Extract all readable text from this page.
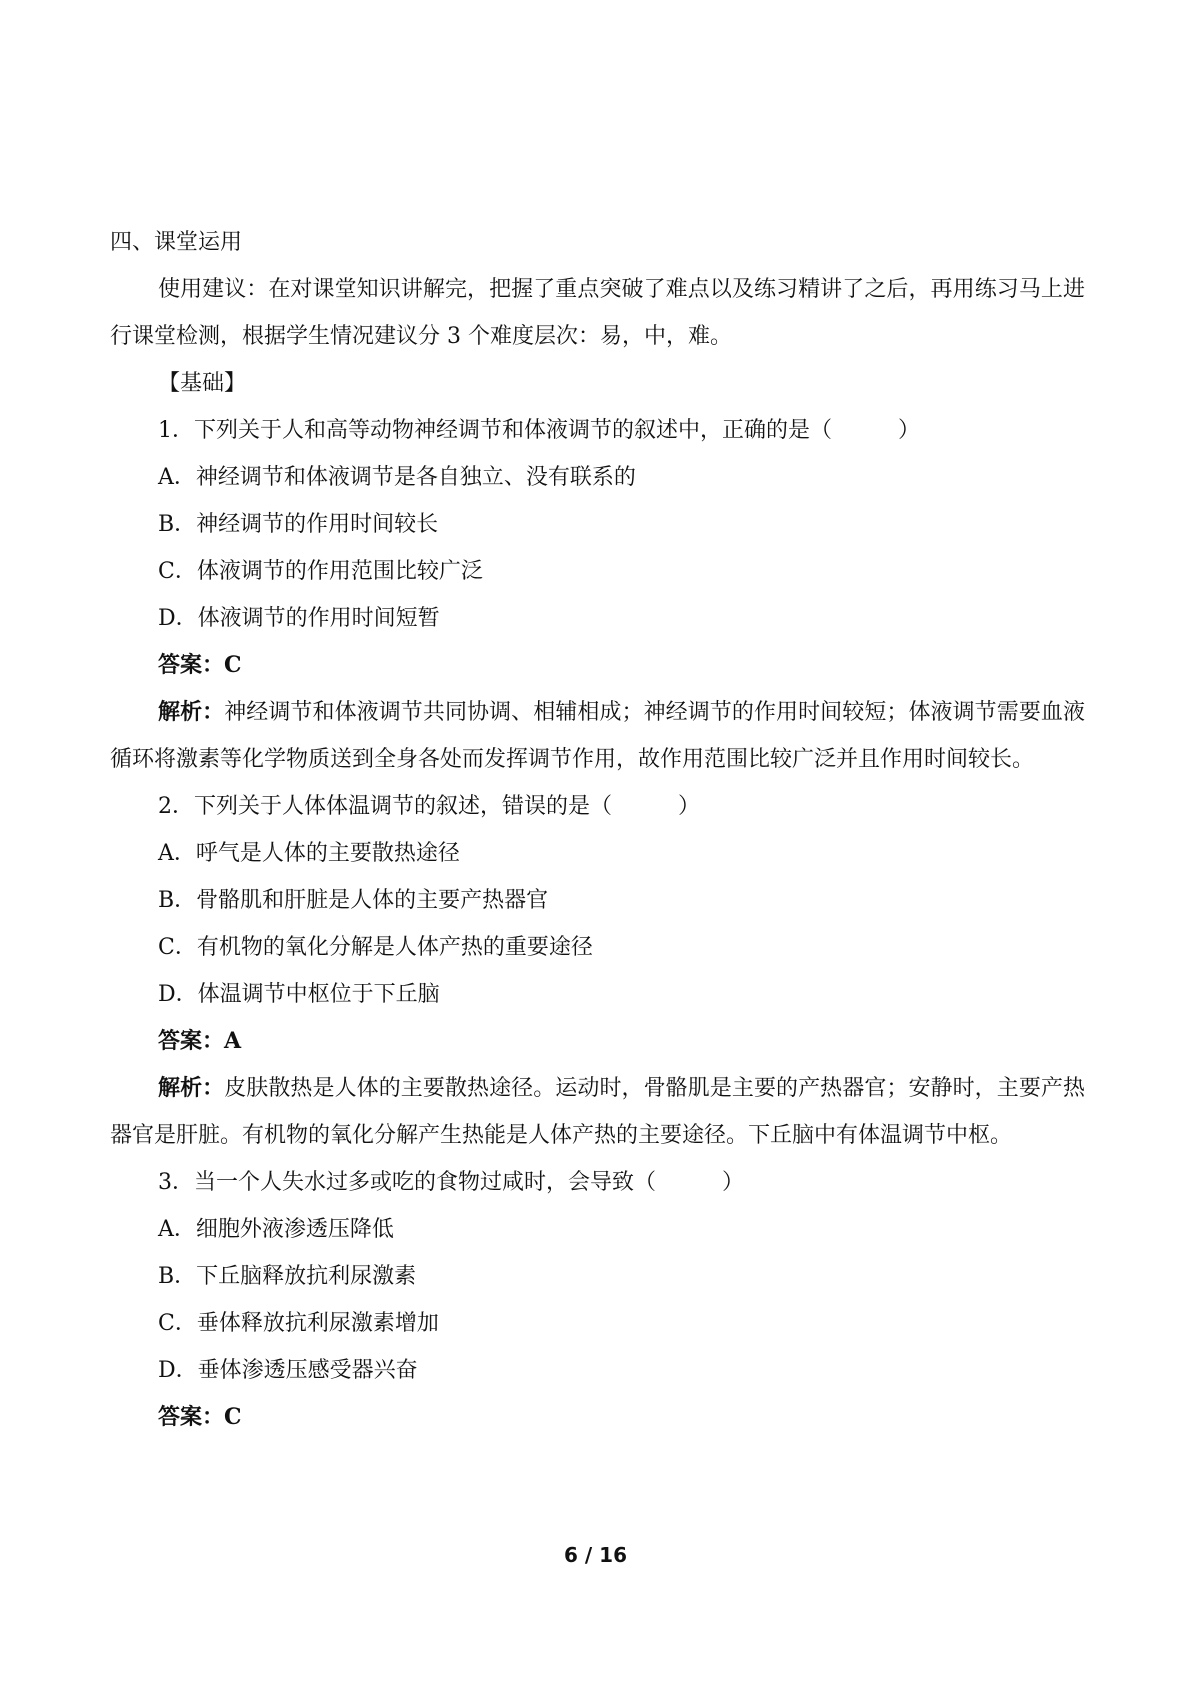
四、课堂运用
使用建议：在对课堂知识讲解完，把握了重点突破了难点以及练习精讲了之后，再用练习马上进行课堂检测，根据学生情况建议分 3 个难度层次：易，中，难。
【基础】
1．下列关于人和高等动物神经调节和体液调节的叙述中，正确的是（　　　）
A．神经调节和体液调节是各自独立、没有联系的
B．神经调节的作用时间较长
C．体液调节的作用范围比较广泛
D．体液调节的作用时间短暂
答案：C
解析：神经调节和体液调节共同协调、相辅相成；神经调节的作用时间较短；体液调节需要血液循环将激素等化学物质送到全身各处而发挥调节作用，故作用范围比较广泛并且作用时间较长。
2．下列关于人体体温调节的叙述，错误的是（　　　）
A．呼气是人体的主要散热途径
B．骨骼肌和肝脏是人体的主要产热器官
C．有机物的氧化分解是人体产热的重要途径
D．体温调节中枢位于下丘脑
答案：A
解析：皮肤散热是人体的主要散热途径。运动时，骨骼肌是主要的产热器官；安静时，主要产热器官是肝脏。有机物的氧化分解产生热能是人体产热的主要途径。下丘脑中有体温调节中枢。
3．当一个人失水过多或吃的食物过咸时，会导致（　　　）
A．细胞外液渗透压降低
B．下丘脑释放抗利尿激素
C．垂体释放抗利尿激素增加
D．垂体渗透压感受器兴奋
答案：C
6 / 16
